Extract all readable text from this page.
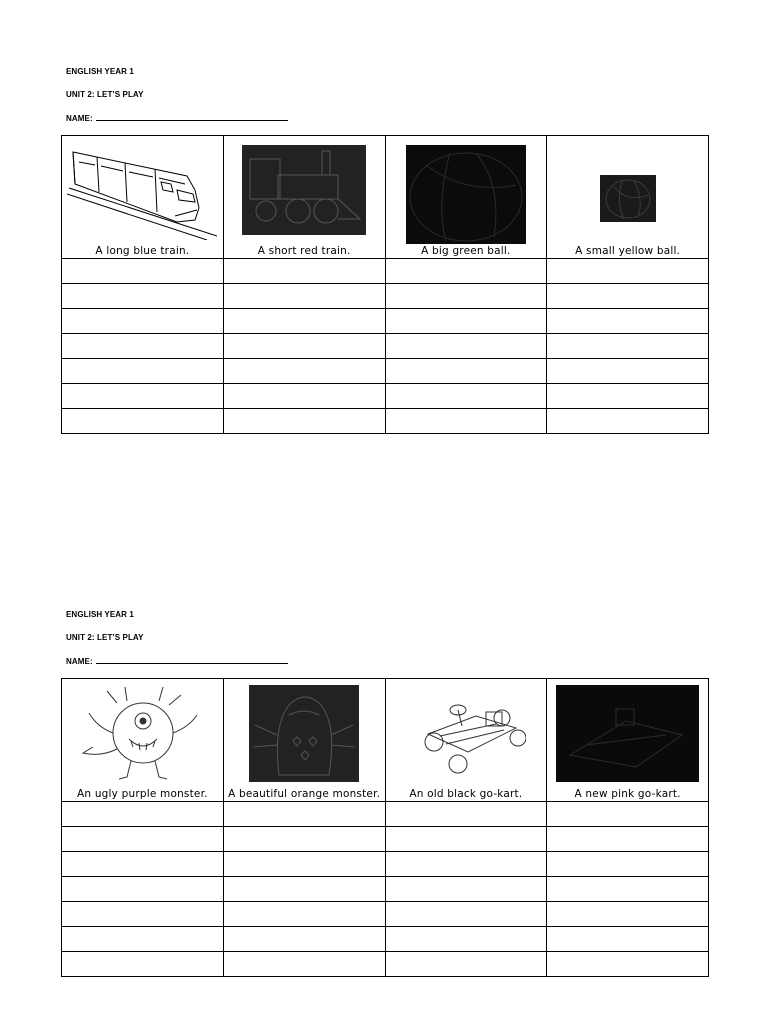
ENGLISH YEAR 1
UNIT 2: LET’S PLAY
NAME:
A long blue train.	A short red train.	A big green ball.	A small yellow ball.

ENGLISH YEAR 1
UNIT 2: LET’S PLAY
NAME:
An ugly purple monster.	A beautiful orange monster.	An old black go-kart.	A new pink go-kart.
